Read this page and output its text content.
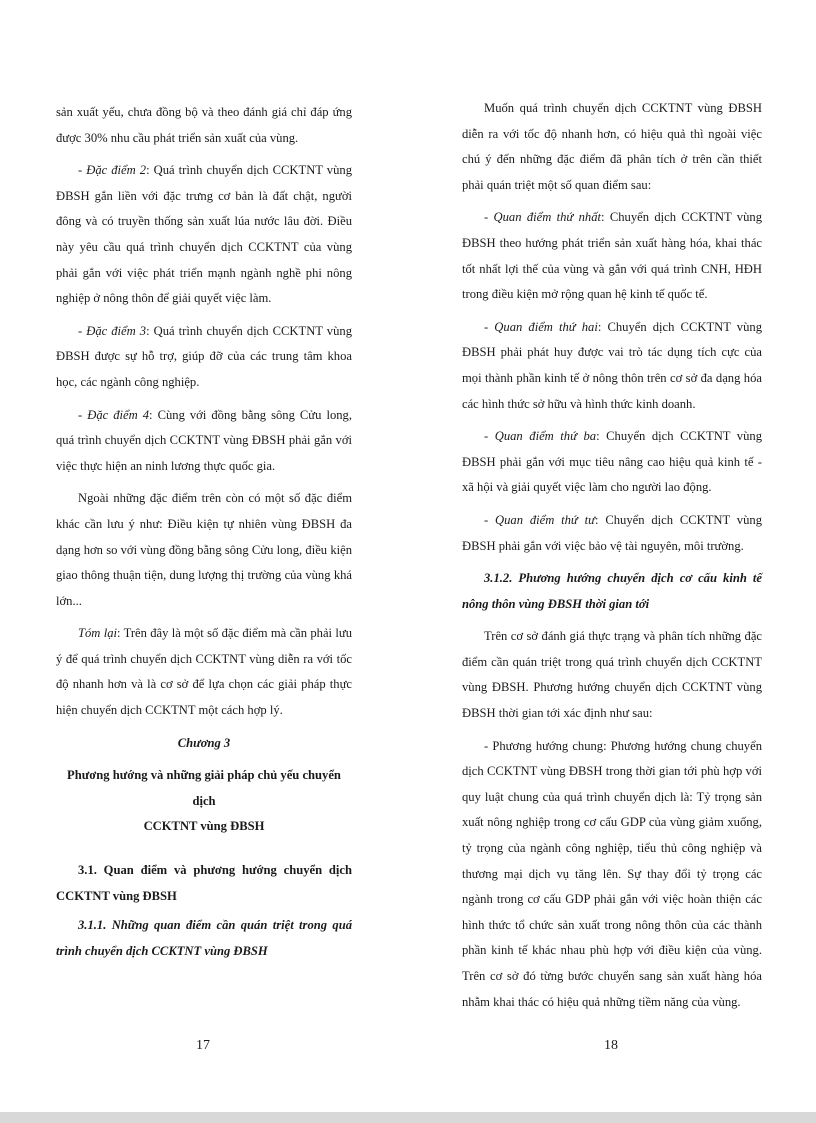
sản xuất yếu, chưa đồng bộ và theo đánh giá chỉ đáp ứng được 30% nhu cầu phát triển sản xuất của vùng.

- Đặc điểm 2: Quá trình chuyển dịch CCKTNT vùng ĐBSH gắn liền với đặc trưng cơ bản là đất chật, người đông và có truyền thống sản xuất lúa nước lâu đời. Điều này yêu cầu quá trình chuyển dịch CCKTNT của vùng phải gắn với việc phát triển mạnh ngành nghề phi nông nghiệp ở nông thôn để giải quyết việc làm.

- Đặc điểm 3: Quá trình chuyển dịch CCKTNT vùng ĐBSH được sự hỗ trợ, giúp đỡ của các trung tâm khoa học, các ngành công nghiệp.

- Đặc điểm 4: Cùng với đồng bằng sông Cửu long, quá trình chuyển dịch CCKTNT vùng ĐBSH phải gắn với việc thực hiện an ninh lương thực quốc gia.

Ngoài những đặc điểm trên còn có một số đặc điểm khác cần lưu ý như: Điều kiện tự nhiên vùng ĐBSH đa dạng hơn so với vùng đồng bằng sông Cửu long, điều kiện giao thông thuận tiện, dung lượng thị trường của vùng khá lớn...

Tóm lại: Trên đây là một số đặc điểm mà cần phải lưu ý để quá trình chuyển dịch CCKTNT vùng diễn ra với tốc độ nhanh hơn và là cơ sở để lựa chọn các giải pháp thực hiện chuyển dịch CCKTNT một cách hợp lý.

Chương 3

Phương hướng và những giải pháp chủ yếu chuyển dịch
CCKTNT vùng ĐBSH

3.1. Quan điểm và phương hướng chuyển dịch CCKTNT vùng ĐBSH

3.1.1. Những quan điểm cần quán triệt trong quá trình chuyển dịch CCKTNT vùng ĐBSH

Muốn quá trình chuyển dịch CCKTNT vùng ĐBSH diễn ra với tốc độ nhanh hơn, có hiệu quả thì ngoài việc chú ý đến những đặc điểm đã phân tích ở trên cần thiết phải quán triệt một số quan điểm sau:

- Quan điểm thứ nhất: Chuyển dịch CCKTNT vùng ĐBSH theo hướng phát triển sản xuất hàng hóa, khai thác tốt nhất lợi thế của vùng và gắn với quá trình CNH, HĐH trong điều kiện mở rộng quan hệ kinh tế quốc tế.

- Quan điểm thứ hai: Chuyển dịch CCKTNT vùng ĐBSH phải phát huy được vai trò tác dụng tích cực của mọi thành phần kinh tế ở nông thôn trên cơ sở đa dạng hóa các hình thức sở hữu và hình thức kinh doanh.

- Quan điểm thứ ba: Chuyển dịch CCKTNT vùng ĐBSH phải gắn với mục tiêu nâng cao hiệu quả kinh tế - xã hội và giải quyết việc làm cho người lao động.

- Quan điểm thứ tư: Chuyển dịch CCKTNT vùng ĐBSH phải gắn với việc bảo vệ tài nguyên, môi trường.

3.1.2. Phương hướng chuyển dịch cơ cấu kinh tế nông thôn vùng ĐBSH thời gian tới

Trên cơ sở đánh giá thực trạng và phân tích những đặc điểm cần quán triệt trong quá trình chuyển dịch CCKTNT vùng ĐBSH. Phương hướng chuyển dịch CCKTNT vùng ĐBSH thời gian tới xác định như sau:

- Phương hướng chung: Phương hướng chung chuyển dịch CCKTNT vùng ĐBSH trong thời gian tới phù hợp với quy luật chung của quá trình chuyển dịch là: Tỷ trọng sản xuất nông nghiệp trong cơ cấu GDP của vùng giảm xuống, tỷ trọng của ngành công nghiệp, tiểu thủ công nghiệp và thương mại dịch vụ tăng lên. Sự thay đổi tỷ trọng các ngành trong cơ cấu GDP phải gắn với việc hoàn thiện các hình thức tổ chức sản xuất trong nông thôn của các thành phần kinh tế khác nhau phù hợp với điều kiện của vùng. Trên cơ sở đó từng bước chuyển sang sản xuất hàng hóa nhằm khai thác có hiệu quả những tiềm năng của vùng.

17	18
